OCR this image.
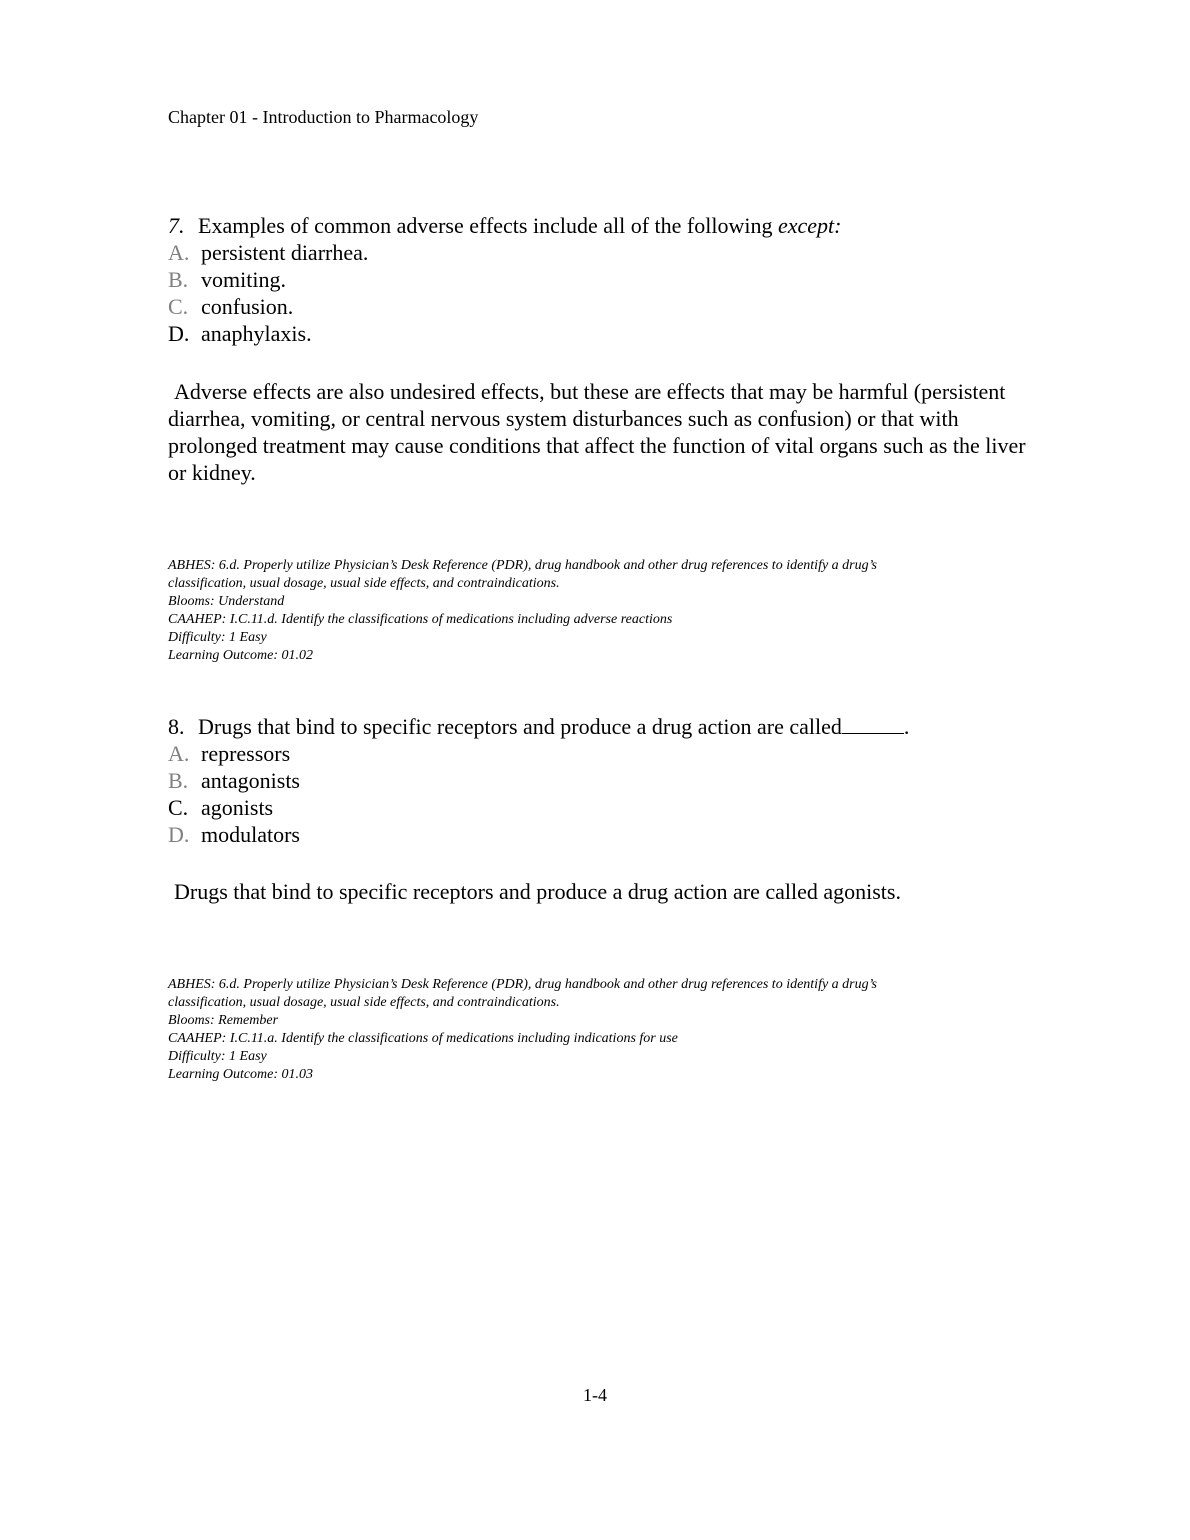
Chapter 01 - Introduction to Pharmacology
7. Examples of common adverse effects include all of the following except:
A. persistent diarrhea.
B. vomiting.
C. confusion.
D. anaphylaxis.
Adverse effects are also undesired effects, but these are effects that may be harmful (persistent diarrhea, vomiting, or central nervous system disturbances such as confusion) or that with prolonged treatment may cause conditions that affect the function of vital organs such as the liver or kidney.
ABHES: 6.d. Properly utilize Physician’s Desk Reference (PDR), drug handbook and other drug references to identify a drug’s
classification, usual dosage, usual side effects, and contraindications.
Blooms: Understand
CAAHEP: I.C.11.d. Identify the classifications of medications including adverse reactions
Difficulty: 1 Easy
Learning Outcome: 01.02
8. Drugs that bind to specific receptors and produce a drug action are called	.
A. repressors
B. antagonists
C. agonists
D. modulators
Drugs that bind to specific receptors and produce a drug action are called agonists.
ABHES: 6.d. Properly utilize Physician’s Desk Reference (PDR), drug handbook and other drug references to identify a drug’s
classification, usual dosage, usual side effects, and contraindications.
Blooms: Remember
CAAHEP: I.C.11.a. Identify the classifications of medications including indications for use
Difficulty: 1 Easy
Learning Outcome: 01.03
1-4
